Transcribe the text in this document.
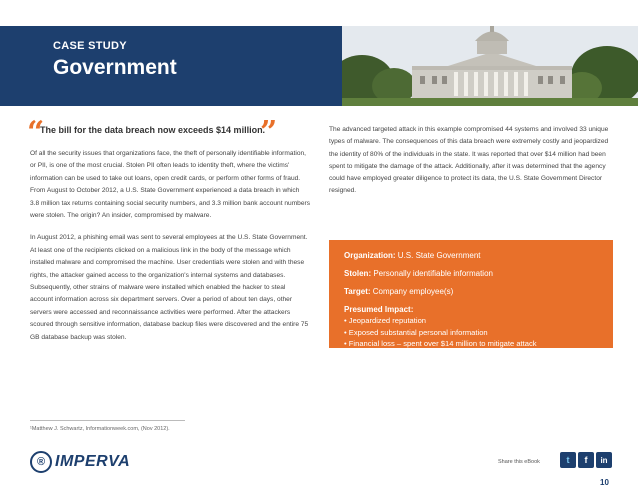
CASE STUDY
Government
“
The bill for the data breach now exceeds $14 million.
”

Of all the security issues that organizations face, the theft of personally identifiable information, or PII, is one of the most crucial. Stolen PII often leads to identity theft, where the victims' information can be used to take out loans, open credit cards, or perform other forms of fraud. From August to October 2012, a U.S. State Government experienced a data breach in which 3.8 million tax returns containing social security numbers, and 3.3 million bank account numbers were stolen. The origin? An insider, compromised by malware.

In August 2012, a phishing email was sent to several employees at the U.S. State Government. At least one of the recipients clicked on a malicious link in the body of the message which installed malware and compromised the machine. User credentials were stolen and with these rights, the attacker gained access to the organization's internal systems and databases. Subsequently, other strains of malware were installed which enabled the hacker to steal account information across six department servers. Over a period of about ten days, other servers were accessed and reconnaissance activities were performed. After the attackers scoured through sensitive information, database backup files were discovered and the entire 75 GB database backup was stolen.

The advanced targeted attack in this example compromised 44 systems and involved 33 unique types of malware. The consequences of this data breach were extremely costly and jeopardized the identity of 80% of the individuals in the state. It was reported that over $14 million had been spent to mitigate the damage of the attack. Additionally, after it was determined that the agency could have employed greater diligence to protect its data, the U.S. State Government Director resigned.

Organization: U.S. State Government
Stolen: Personally identifiable information
Target: Company employee(s)
Presumed Impact:
• Jeopardized reputation
• Exposed substantial personal information
• Financial loss – spent over $14 million to mitigate attack
¹Matthew J. Schwartz, Informationweek.com, (Nov 2012).
® IMPERVA	Share this eBook	t	f	in
10
